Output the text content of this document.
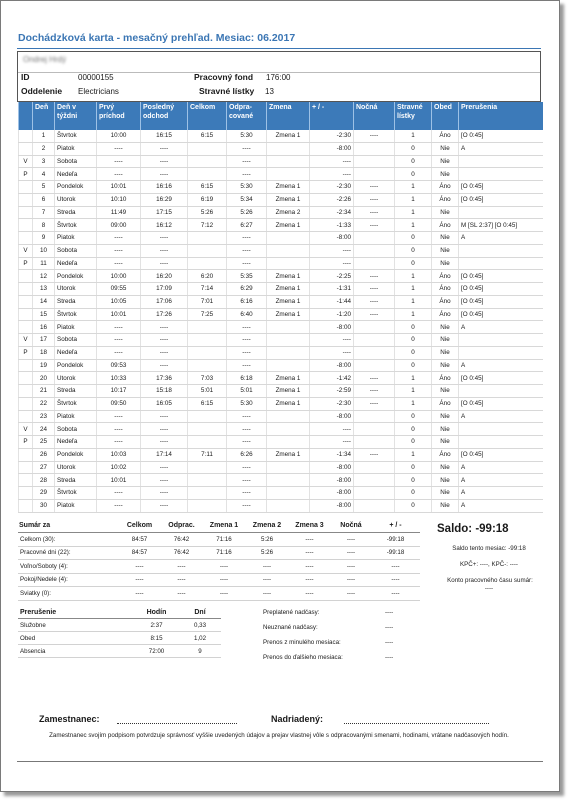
Dochádzková karta - mesačný prehľad. Mesiac: 06.2017
Ondrej Hrdý
ID	00000155	Pracovný fond 176:00
Oddelenie Electricians	Stravné lístky 13
	Deň	Deň v týždni	Prvý príchod	Posledný odchod	Celkom	Odpra- cované	Zmena	+ / -	Nočná	Stravné lístky	Obed	Prerušenia
	1	Štvrtok	10:00	16:15	6:15	5:30	Zmena 1	-2:30	----	1	Áno	[O 0:45]
	2	Piatok	----	----		----		-8:00		0	Nie	A
V	3	Sobota	----	----		----		----		0	Nie	
P	4	Nedeľa	----	----		----		----		0	Nie	
	5	Pondelok	10:01	16:16	6:15	5:30	Zmena 1	-2:30	----	1	Áno	[O 0:45]
	6	Utorok	10:10	16:29	6:19	5:34	Zmena 1	-2:26	----	1	Áno	[O 0:45]
	7	Streda	11:49	17:15	5:26	5:26	Zmena 2	-2:34	----	1	Nie	
	8	Štvrtok	09:00	16:12	7:12	6:27	Zmena 1	-1:33	----	1	Áno	M [SL 2:37] [O 0:45]
	9	Piatok	----	----		----		-8:00		0	Nie	A
V	10	Sobota	----	----		----		----		0	Nie	
P	11	Nedeľa	----	----		----		----		0	Nie	
	12	Pondelok	10:00	16:20	6:20	5:35	Zmena 1	-2:25	----	1	Áno	[O 0:45]
	13	Utorok	09:55	17:09	7:14	6:29	Zmena 1	-1:31	----	1	Áno	[O 0:45]
	14	Streda	10:05	17:06	7:01	6:16	Zmena 1	-1:44	----	1	Áno	[O 0:45]
	15	Štvrtok	10:01	17:26	7:25	6:40	Zmena 1	-1:20	----	1	Áno	[O 0:45]
	16	Piatok	----	----		----		-8:00		0	Nie	A
V	17	Sobota	----	----		----		----		0	Nie	
P	18	Nedeľa	----	----		----		----		0	Nie	
	19	Pondelok	09:53	----		----		-8:00		0	Nie	A
	20	Utorok	10:33	17:36	7:03	6:18	Zmena 1	-1:42	----	1	Áno	[O 0:45]
	21	Streda	10:17	15:18	5:01	5:01	Zmena 1	-2:59	----	1	Nie	
	22	Štvrtok	09:50	16:05	6:15	5:30	Zmena 1	-2:30	----	1	Áno	[O 0:45]
	23	Piatok	----	----		----		-8:00		0	Nie	A
V	24	Sobota	----	----		----		----		0	Nie	
P	25	Nedeľa	----	----		----		----		0	Nie	
	26	Pondelok	10:03	17:14	7:11	6:26	Zmena 1	-1:34	----	1	Áno	[O 0:45]
	27	Utorok	10:02	----		----		-8:00		0	Nie	A
	28	Streda	10:01	----		----		-8:00		0	Nie	A
	29	Štvrtok	----	----		----		-8:00		0	Nie	A
	30	Piatok	----	----		----		-8:00		0	Nie	A
Sumár za	Celkom	Odprac.	Zmena 1	Zmena 2	Zmena 3	Nočná	+ / -
Celkom (30):	84:57	76:42	71:16	5:26	----	----	-99:18
Pracovné dni (22):	84:57	76:42	71:16	5:26	----	----	-99:18
Voľno/Soboty (4):	----	----	----	----	----	----	----
Pokoj/Nedele (4):	----	----	----	----	----	----	----
Sviatky (0):	----	----	----	----	----	----	----
Saldo: -99:18
Saldo tento mesiac: -99:18
KPČ+: ----, KPČ-: ----
Konto pracovného času sumár:
----
Prerušenie	Hodín	Dní
Služobne	2:37	0,33
Obed	8:15	1,02
Absencia	72:00	9
Preplatené nadčasy:	----
Neuznané nadčasy:	----
Prenos z minulého mesiaca:	----
Prenos do ďalšieho mesiaca:	----
Zamestnanec:	Nadriadený:
Zamestnanec svojím podpisom potvrdzuje správnosť vyššie uvedených údajov a prejav vlastnej vôle s odpracovanými smenami, hodinami, vrátane nadčasových hodín.
